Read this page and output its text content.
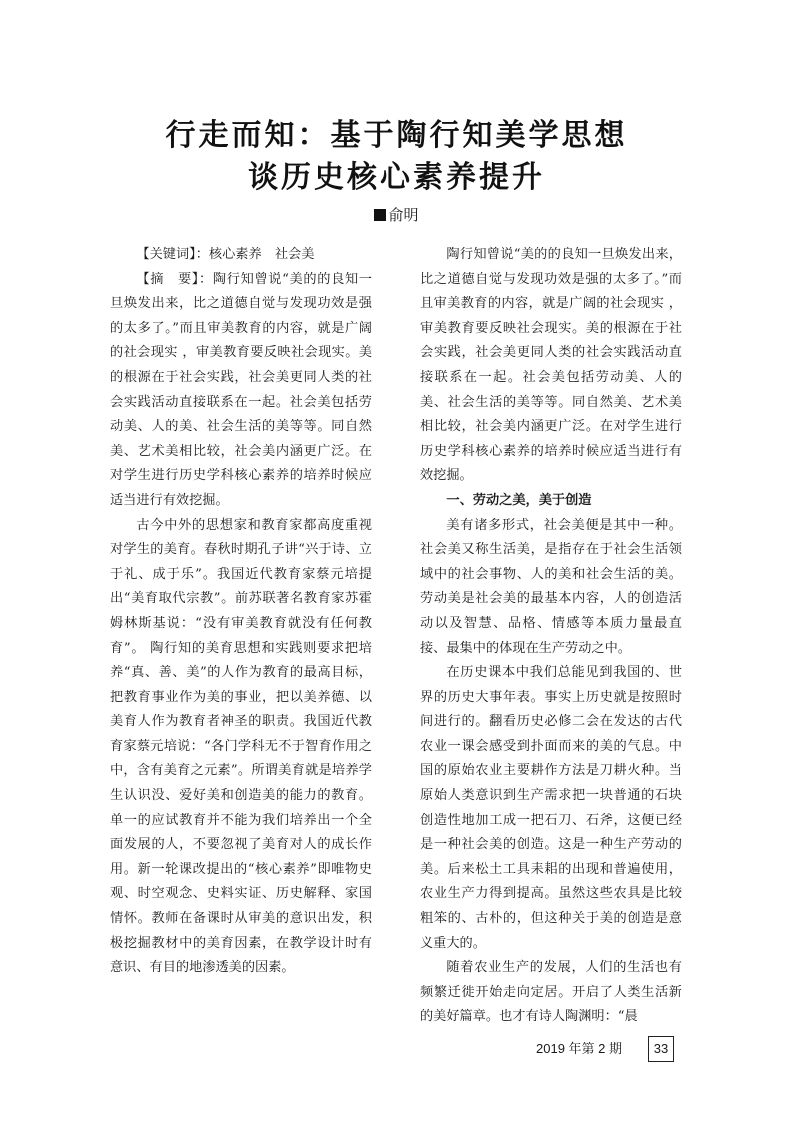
行走而知：基于陶行知美学思想
谈历史核心素养提升
俞明

【关键词】：核心素养　社会美

【摘　要】：陶行知曾说“美的的良知一旦焕发出来，比之道德自觉与发现功效是强的太多了。”而且审美教育的内容，就是广阔的社会现实 ，审美教育要反映社会现实。美的根源在于社会实践，社会美更同人类的社会实践活动直接联系在一起。社会美包括劳动美、人的美、社会生活的美等等。同自然美、艺术美相比较，社会美内涵更广泛。在对学生进行历史学科核心素养的培养时候应适当进行有效挖掘。

古今中外的思想家和教育家都高度重视对学生的美育。春秋时期孔子讲“兴于诗、立于礼、成于乐”。我国近代教育家蔡元培提出“美育取代宗教”。前苏联著名教育家苏霍姆林斯基说：“没有审美教育就没有任何教育”。 陶行知的美育思想和实践则要求把培养“真、善、美”的人作为教育的最高目标，把教育事业作为美的事业，把以美养德、以美育人作为教育者神圣的职责。我国近代教育家蔡元培说：“各门学科无不于智育作用之中，含有美育之元素”。所谓美育就是培养学生认识没、爱好美和创造美的能力的教育。单一的应试教育并不能为我们培养出一个全面发展的人，不要忽视了美育对人的成长作用。新一轮课改提出的“核心素养”即唯物史观、时空观念、史料实证、历史解释、家国情怀。教师在备课时从审美的意识出发，积极挖掘教材中的美育因素，在教学设计时有意识、有目的地渗透美的因素。

陶行知曾说“美的的良知一旦焕发出来，比之道德自觉与发现功效是强的太多了。”而且审美教育的内容，就是广阔的社会现实 ，审美教育要反映社会现实。美的根源在于社会实践，社会美更同人类的社会实践活动直接联系在一起。社会美包括劳动美、人的美、社会生活的美等等。同自然美、艺术美相比较，社会美内涵更广泛。在对学生进行历史学科核心素养的培养时候应适当进行有效挖掘。

一、劳动之美，美于创造

美有诸多形式，社会美便是其中一种。社会美又称生活美，是指存在于社会生活领域中的社会事物、人的美和社会生活的美。劳动美是社会美的最基本内容，人的创造活动以及智慧、品格、情感等本质力量最直接、最集中的体现在生产劳动之中。

在历史课本中我们总能见到我国的、世界的历史大事年表。事实上历史就是按照时间进行的。翻看历史必修二会在发达的古代农业一课会感受到扑面而来的美的气息。中国的原始农业主要耕作方法是刀耕火种。当原始人类意识到生产需求把一块普通的石块创造性地加工成一把石刀、石斧，这便已经是一种社会美的创造。这是一种生产劳动的美。后来松土工具耒耜的出现和普遍使用，农业生产力得到提高。虽然这些农具是比较粗笨的、古朴的，但这种关于美的创造是意义重大的。

随着农业生产的发展，人们的生活也有频繁迁徙开始走向定居。开启了人类生活新的美好篇章。也才有诗人陶渊明：“晨

2019 年第 2 期	33
